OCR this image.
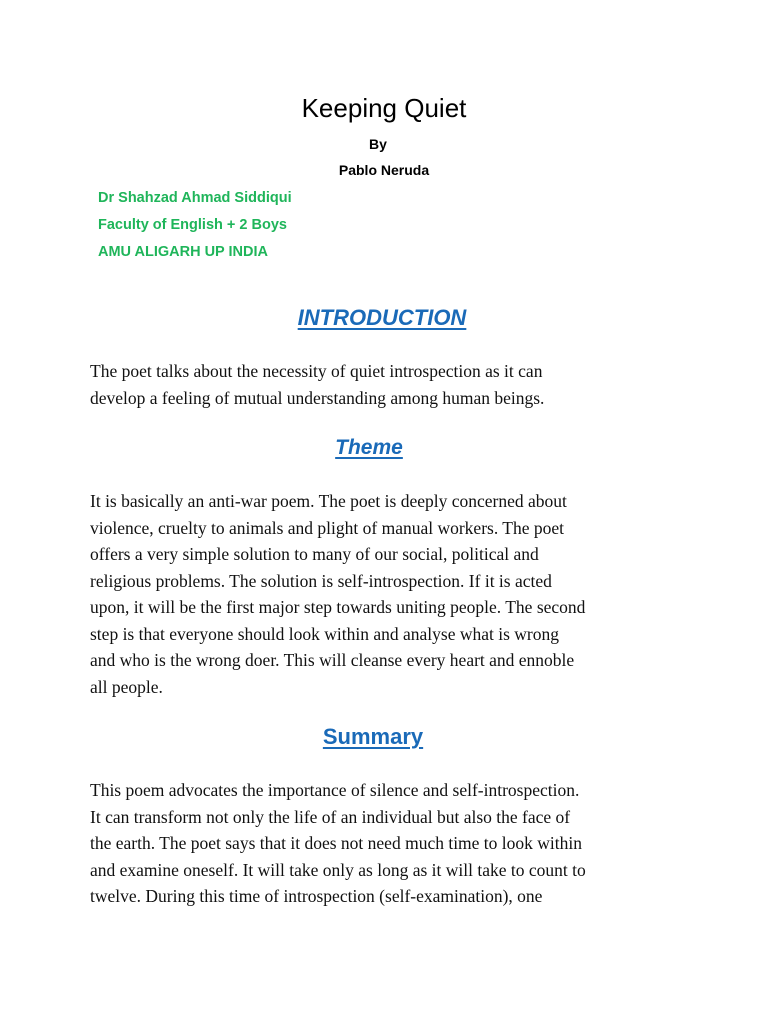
Keeping Quiet
By
Pablo Neruda
Dr Shahzad Ahmad Siddiqui
Faculty of English + 2 Boys
AMU ALIGARH UP INDIA
INTRODUCTION

The poet talks about the necessity of quiet introspection as it can
develop a feeling of mutual understanding among human beings.

Theme

It is basically an anti-war poem. The poet is deeply concerned about
violence, cruelty to animals and plight of manual workers. The poet
offers a very simple solution to many of our social, political and
religious problems. The solution is self-introspection. If it is acted
upon, it will be the first major step towards uniting people. The second
step is that everyone should look within and analyse what is wrong
and who is the wrong doer. This will cleanse every heart and ennoble
all people.

Summary

This poem advocates the importance of silence and self-introspection.
It can transform not only the life of an individual but also the face of
the earth. The poet says that it does not need much time to look within
and examine oneself. It will take only as long as it will take to count to
twelve. During this time of introspection (self-examination), one
